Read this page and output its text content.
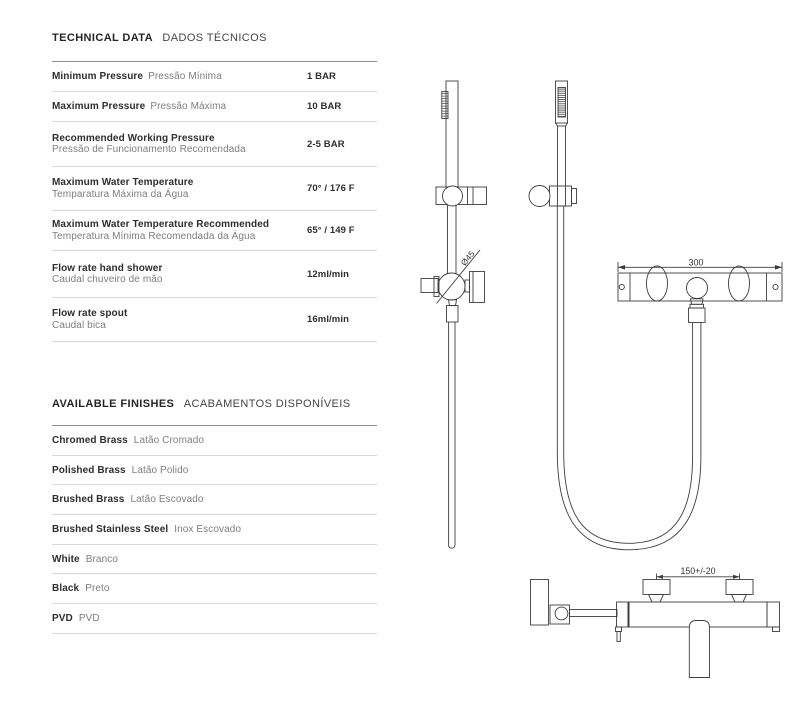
Ø45	300
150+/-20
TECHNICAL DATA DADOS TÉCNICOS
Minimum Pressure Pressão Mínima	1 BAR
Maximum Pressure Pressão Máxima	10 BAR
Recommended Working Pressure
Pressão de Funcionamento Recomendada	2-5 BAR
Maximum Water Temperature
Temparatura Máxima da Água	70° / 176 F
Maximum Water Temperature Recommended
Temperatura Mínima Recomendada da Água	65° / 149 F
Flow rate hand shower
Caudal chuveiro de mão	12ml/min
Flow rate spout
Caudal bica	16ml/min
AVAILABLE FINISHES ACABAMENTOS DISPONÍVEIS
Chromed Brass Latão Cromado
Polished Brass Latão Polido
Brushed Brass Latão Escovado
Brushed Stainless Steel Inox Escovado
White Branco
Black Preto
PVD PVD
